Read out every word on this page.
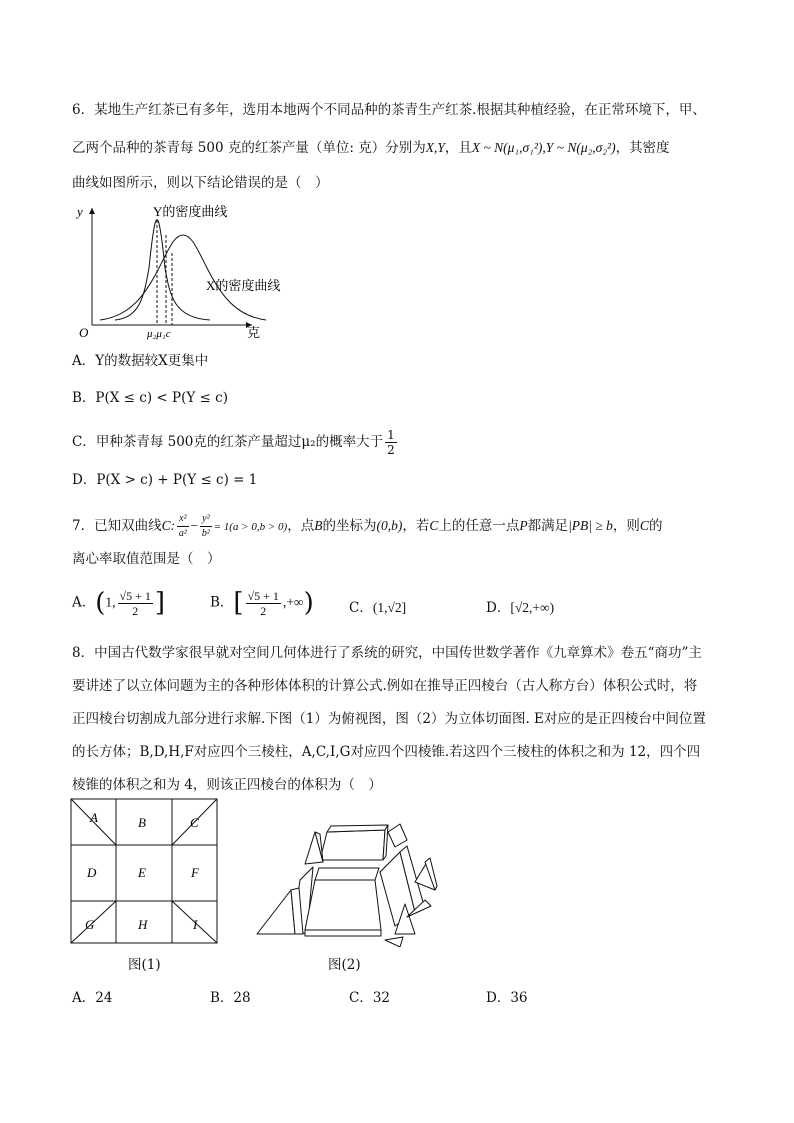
6．某地生产红茶已有多年，选用本地两个不同品种的茶青生产红茶.根据其种植经验，在正常环境下，甲、
乙两个品种的茶青每 500 克的红茶产量（单位: 克）分别为X,Y，且X ~ N(μ₁,σ₁²),Y ~ N(μ₂,σ₂²)，其密度
曲线如图所示，则以下结论错误的是（　）
y
克
O	μ₂μ₁c
Y的密度曲线
X的密度曲线
A．Y的数据较X更集中
B．P(X ≤ c) < P(Y ≤ c)
C．甲种茶青每 500克的红茶产量超过μ₂的概率大于 $\frac{1}{2}$
D．P(X > c) + P(Y ≤ c) = 1
7．已知双曲线C: $\frac{\text{x²}}{\text{a²}} - \frac{\text{y²}}{\text{b²}} = 1(a > 0,b > 0)$，点B的坐标为(0,b)，若C上的任意一点P都满足|PB| ≥ b，则C的
离心率取值范围是（　）
A．(1, $\frac{√5 + 1}{2}$ ]	B．[ $\frac{√5 + 1}{2}$ ,+∞)	C．(1,√2]	D．[√2,+∞)
8．中国古代数学家很早就对空间几何体进行了系统的研究，中国传世数学著作《九章算术》卷五“商功”主
要讲述了以立体问题为主的各种形体体积的计算公式.例如在推导正四棱台（古人称方台）体积公式时，将
正四棱台切割成九部分进行求解.下图（1）为俯视图，图（2）为立体切面图. E对应的是正四棱台中间位置
的长方体；B,D,H,F对应四个三棱柱，A,C,I,G对应四个四棱锥.若这四个三棱柱的体积之和为 12，四个四
棱锥的体积之和为 4，则该正四棱台的体积为（　）
A	B	C
D	E	F
G	H	I
图(1)	图(2)
A．24	B．28	C．32	D．36
